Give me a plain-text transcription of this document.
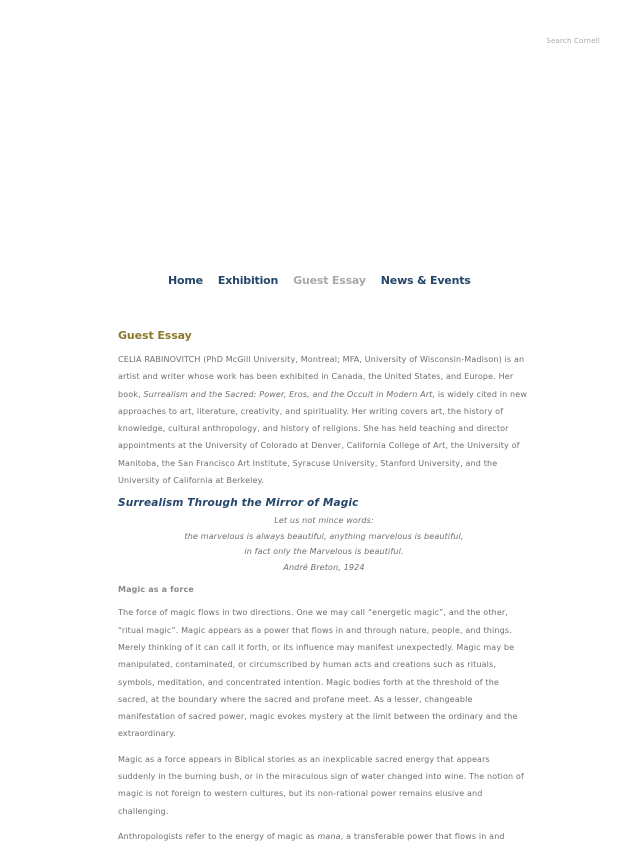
Search Cornell
Home Exhibition Guest Essay News & Events
Guest Essay

CELIA RABINOVITCH (PhD McGill University, Montreal; MFA, University of Wisconsin-Madison) is an artist and writer whose work has been exhibited in Canada, the United States, and Europe. Her book, Surrealism and the Sacred: Power, Eros, and the Occult in Modern Art, is widely cited in new approaches to art, literature, creativity, and spirituality. Her writing covers art, the history of knowledge, cultural anthropology, and history of religions. She has held teaching and director appointments at the University of Colorado at Denver, California College of Art, the University of Manitoba, the San Francisco Art Institute, Syracuse University, Stanford University, and the University of California at Berkeley.

Surrealism Through the Mirror of Magic
Let us not mince words:
the marvelous is always beautiful, anything marvelous is beautiful,
in fact only the Marvelous is beautiful.
André Breton, 1924
Magic as a force

The force of magic flows in two directions. One we may call “energetic magic”, and the other, “ritual magic”. Magic appears as a power that flows in and through nature, people, and things. Merely thinking of it can call it forth, or its influence may manifest unexpectedly. Magic may be manipulated, contaminated, or circumscribed by human acts and creations such as rituals, symbols, meditation, and concentrated intention. Magic bodies forth at the threshold of the sacred, at the boundary where the sacred and profane meet. As a lesser, changeable manifestation of sacred power, magic evokes mystery at the limit between the ordinary and the extraordinary.

Magic as a force appears in Biblical stories as an inexplicable sacred energy that appears suddenly in the burning bush, or in the miraculous sign of water changed into wine. The notion of magic is not foreign to western cultures, but its non-rational power remains elusive and challenging.

Anthropologists refer to the energy of magic as mana, a transferable power that flows in and
